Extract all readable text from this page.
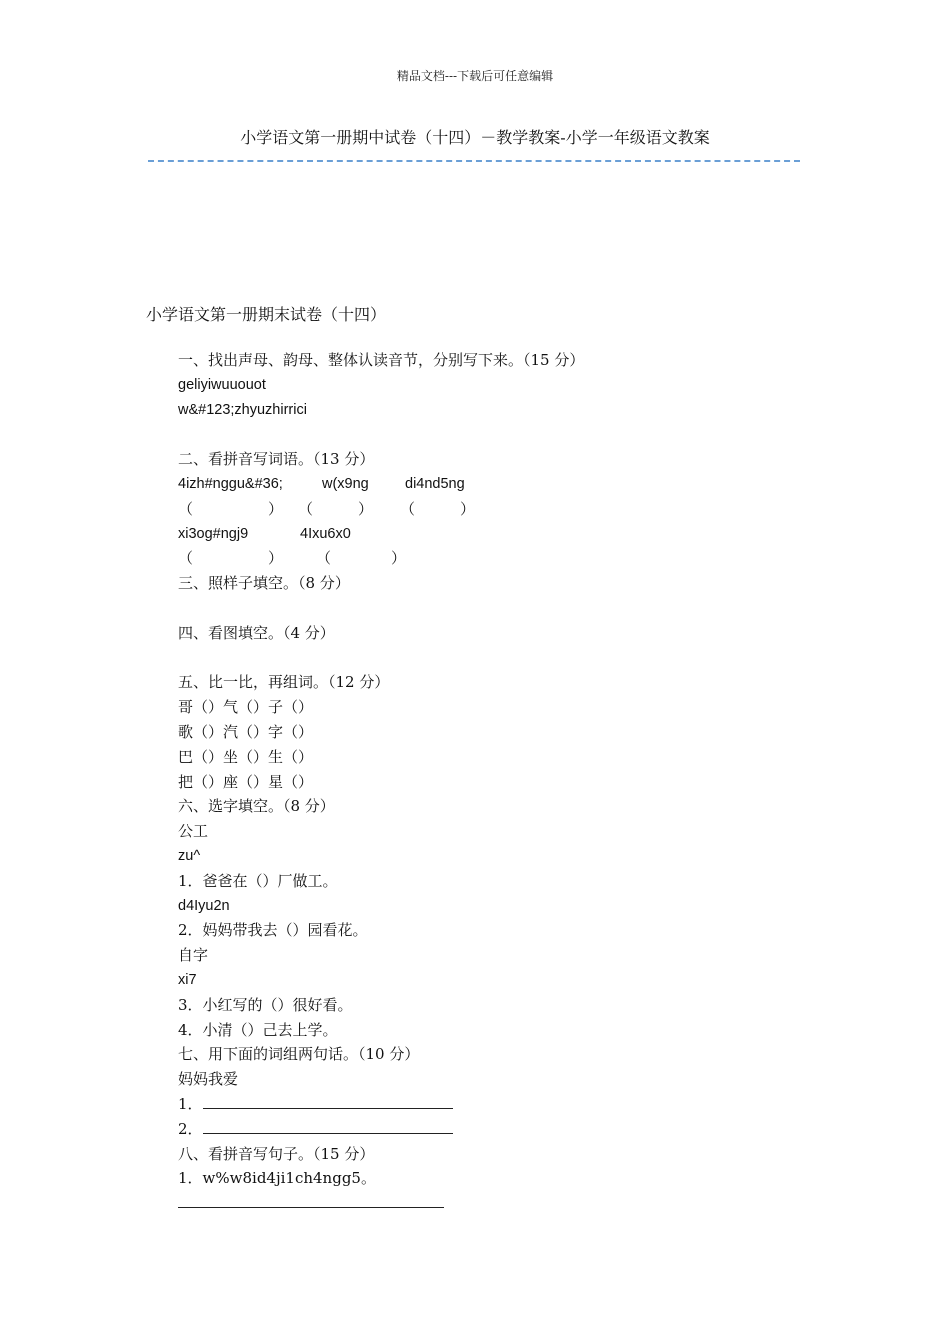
精品文档---下载后可任意编辑
小学语文第一册期中试卷（十四）－教学教案-小学一年级语文教案
小学语文第一册期末试卷（十四）
一、找出声母、韵母、整体认读音节，分别写下来。（15 分）
geliyiwuuouot
w&#123;zhyuzhirrici
二、看拼音写词语。（13 分）
4izh#nggu&#36;	w(x9ng	di4nd5ng
（　　　　　） （　　　） （　　　）
xi3og#ngj9	4Ixu6x0
（　　　　　） （　　　　）
三、照样子填空。（8 分）
四、看图填空。（4 分）
五、比一比，再组词。（12 分）
哥（）气（）子（）
歌（）汽（）字（）
巴（）坐（）生（）
把（）座（）星（）
六、选字填空。（8 分）
公工
zu^
1．爸爸在（）厂做工。
d4Iyu2n
2．妈妈带我去（）园看花。
自字
xi7
3．小红写的（）很好看。
4．小清（）己去上学。
七、用下面的词组两句话。（10 分）
妈妈我爱
1．
2．
八、看拼音写句子。（15 分）
1．w%w8id4ji1ch4ngg5。
